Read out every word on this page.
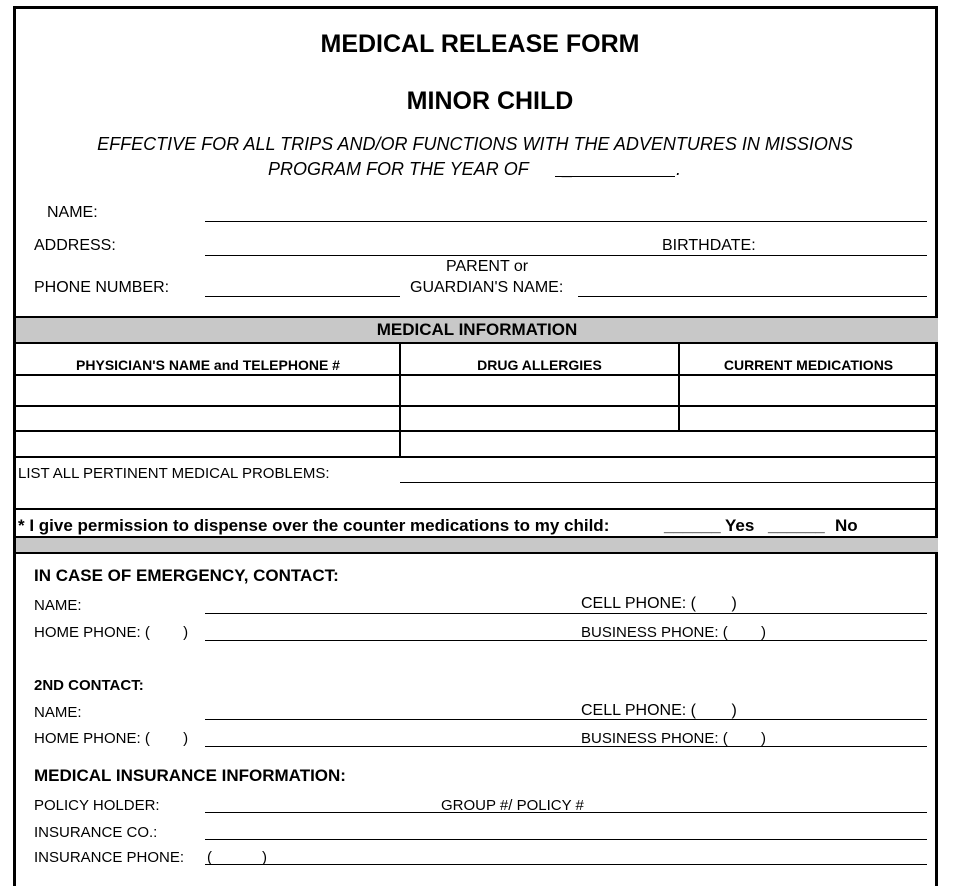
MEDICAL RELEASE FORM
MINOR CHILD
EFFECTIVE FOR ALL TRIPS AND/OR FUNCTIONS WITH THE ADVENTURES IN MISSIONS
PROGRAM FOR THE YEAR OF _	.
NAME:
ADDRESS:	BIRTHDATE:
PARENT or
PHONE NUMBER:	GUARDIAN'S NAME:
MEDICAL INFORMATION
PHYSICIAN'S NAME and TELEPHONE #	DRUG ALLERGIES	CURRENT MEDICATIONS
LIST ALL PERTINENT MEDICAL PROBLEMS:
* I give permission to dispense over the counter medications to my child:	______ Yes ______ No
IN CASE OF EMERGENCY, CONTACT:
NAME:	CELL PHONE: (        )
HOME PHONE: (        )	BUSINESS PHONE: (        )
2ND CONTACT:
NAME:	CELL PHONE: (        )
HOME PHONE: (        )	BUSINESS PHONE: (        )
MEDICAL INSURANCE INFORMATION:
POLICY HOLDER:	GROUP #/ POLICY #
INSURANCE CO.:
INSURANCE PHONE: (            )
